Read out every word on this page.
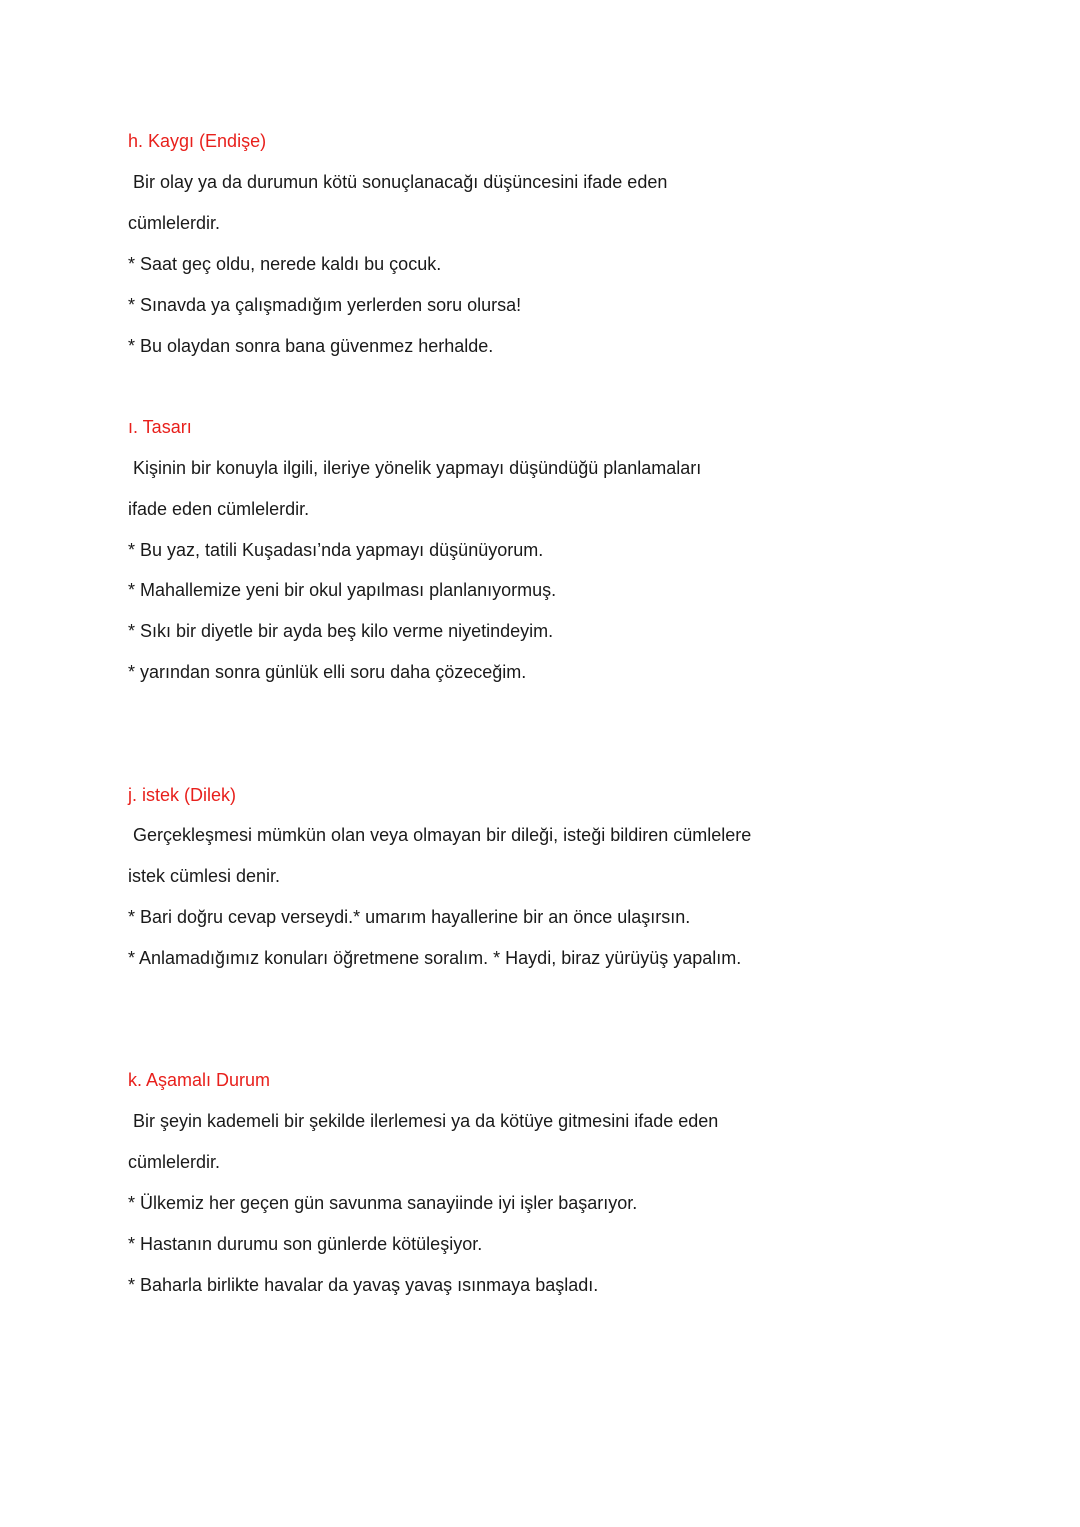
h. Kaygı (Endişe)
Bir olay ya da durumun kötü sonuçlanacağı düşüncesini ifade eden
cümlelerdir.
* Saat geç oldu, nerede kaldı bu çocuk.
* Sınavda ya çalışmadığım yerlerden soru olursa!
* Bu olaydan sonra bana güvenmez herhalde.
ı. Tasarı
Kişinin bir konuyla ilgili, ileriye yönelik yapmayı düşündüğü planlamaları
ifade eden cümlelerdir.
* Bu yaz, tatili Kuşadası’nda yapmayı düşünüyorum.
* Mahallemize yeni bir okul yapılması planlanıyormuş.
* Sıkı bir diyetle bir ayda beş kilo verme niyetindeyim.
* yarından sonra günlük elli soru daha çözeceğim.
j. istek (Dilek)
Gerçekleşmesi mümkün olan veya olmayan bir dileği, isteği bildiren cümlelere
istek cümlesi denir.
* Bari doğru cevap verseydi.* umarım hayallerine bir an önce ulaşırsın.
* Anlamadığımız konuları öğretmene soralım. * Haydi, biraz yürüyüş yapalım.
k. Aşamalı Durum
Bir şeyin kademeli bir şekilde ilerlemesi ya da kötüye gitmesini ifade eden
cümlelerdir.
* Ülkemiz her geçen gün savunma sanayiinde iyi işler başarıyor.
* Hastanın durumu son günlerde kötüleşiyor.
* Baharla birlikte havalar da yavaş yavaş ısınmaya başladı.
